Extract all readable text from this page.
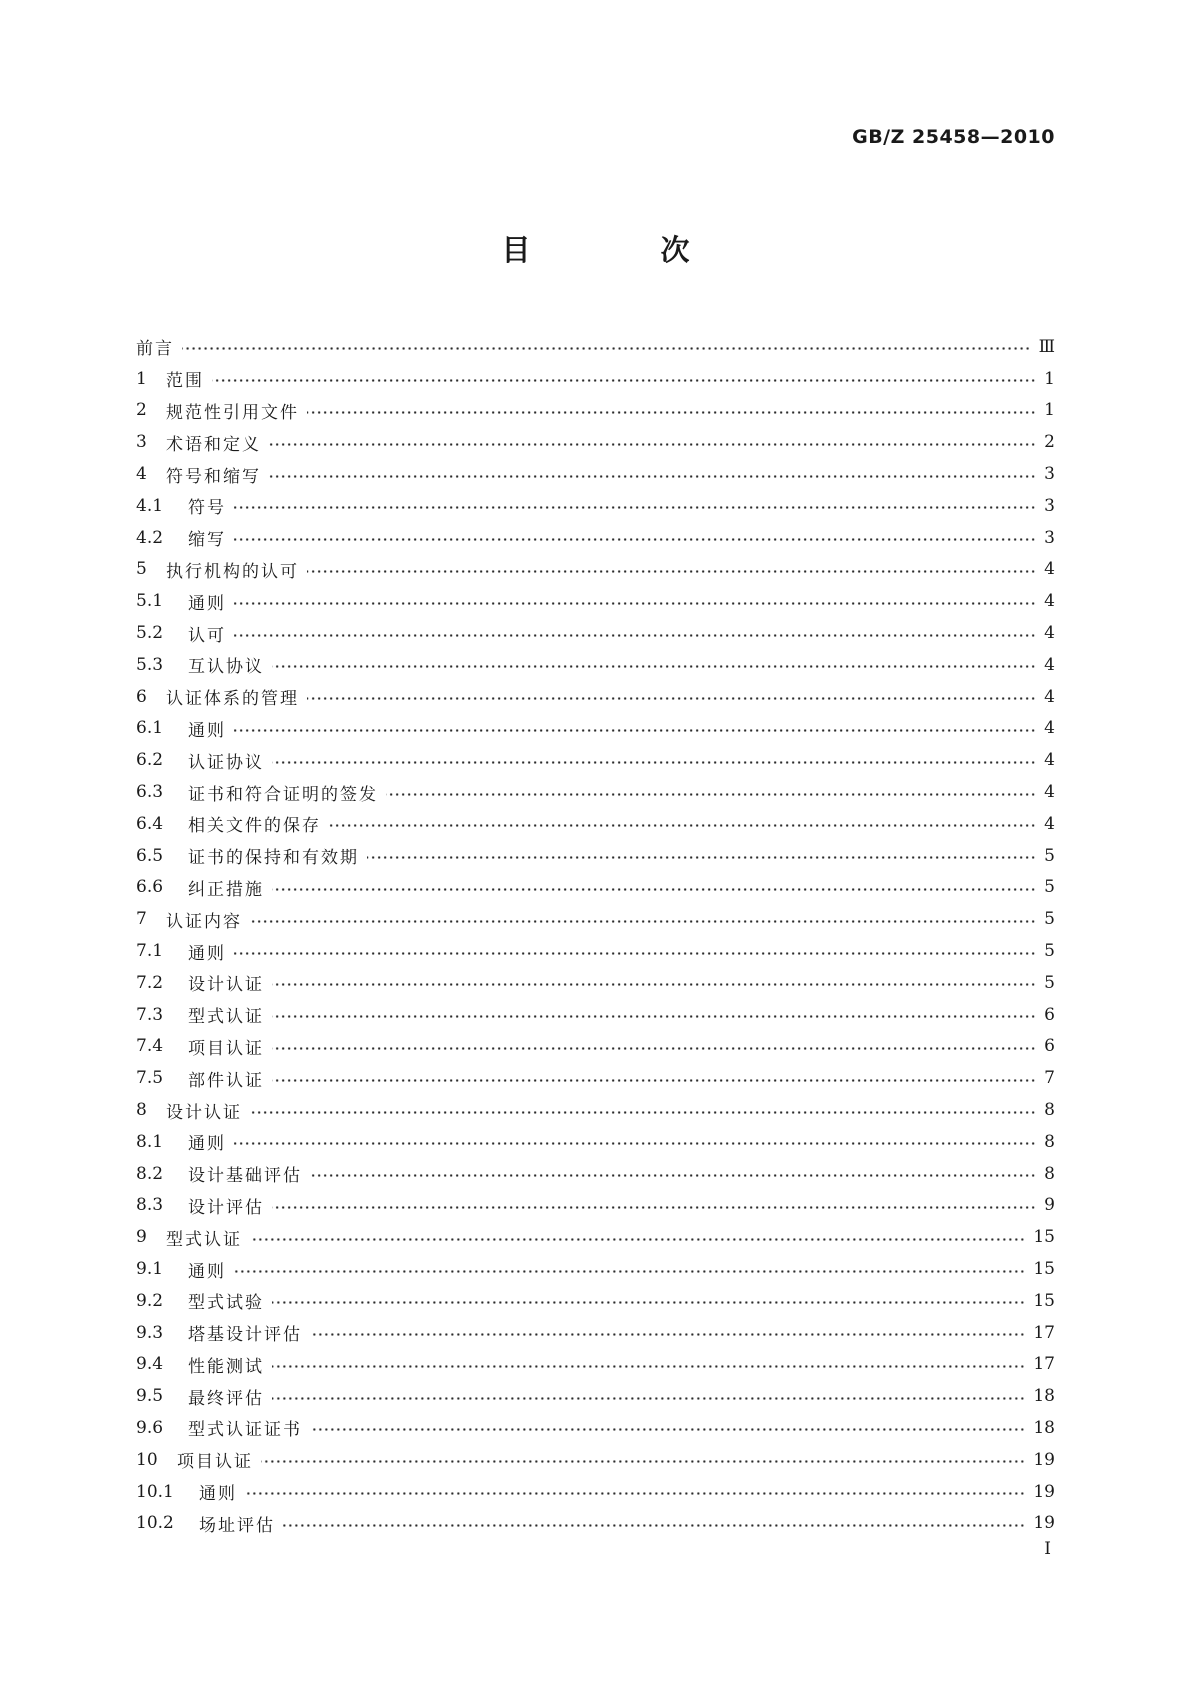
GB/Z 25458—2010
目 次
前言	Ⅲ
1	范围	1
2	规范性引用文件	1
3	术语和定义	2
4	符号和缩写	3
4.1	符号	3
4.2	缩写	3
5	执行机构的认可	4
5.1	通则	4
5.2	认可	4
5.3	互认协议	4
6	认证体系的管理	4
6.1	通则	4
6.2	认证协议	4
6.3	证书和符合证明的签发	4
6.4	相关文件的保存	4
6.5	证书的保持和有效期	5
6.6	纠正措施	5
7	认证内容	5
7.1	通则	5
7.2	设计认证	5
7.3	型式认证	6
7.4	项目认证	6
7.5	部件认证	7
8	设计认证	8
8.1	通则	8
8.2	设计基础评估	8
8.3	设计评估	9
9	型式认证	15
9.1	通则	15
9.2	型式试验	15
9.3	塔基设计评估	17
9.4	性能测试	17
9.5	最终评估	18
9.6	型式认证证书	18
10	项目认证	19
10.1	通则	19
10.2	场址评估	19
I
